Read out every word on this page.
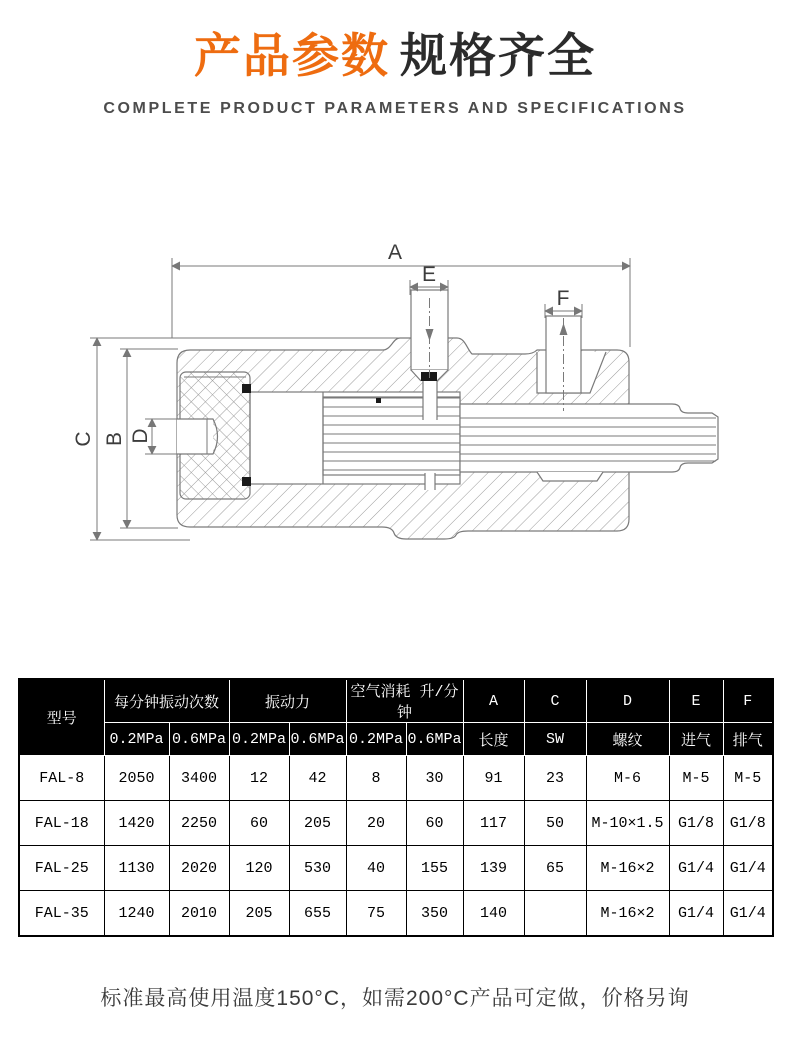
产品参数 规格齐全
COMPLETE PRODUCT PARAMETERS AND SPECIFICATIONS
A
E
F
C B D
型号	每分钟振动次数		振动力		空气消耗 升/分钟		A	C	D	E	F
	0.2MPa	0.6MPa	0.2MPa	0.6MPa	0.2MPa	0.6MPa	长度	SW	螺纹	进气	排气
FAL-8	2050	3400	12	42	8	30	91	23	M-6	M-5	M-5
FAL-18	1420	2250	60	205	20	60	117	50	M-10×1.5	G1/8	G1/8
FAL-25	1130	2020	120	530	40	155	139	65	M-16×2	G1/4	G1/4
FAL-35	1240	2010	205	655	75	350	140		M-16×2	G1/4	G1/4
标准最高使用温度150°C，如需200°C产品可定做，价格另询
